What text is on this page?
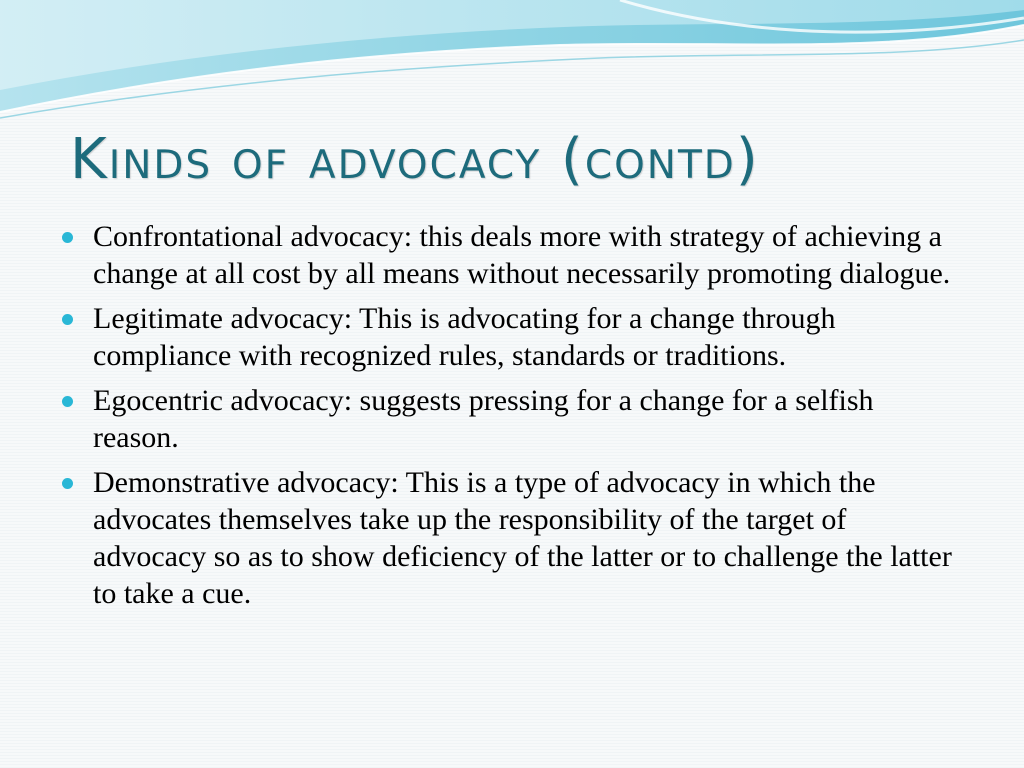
Kinds of advocacy (contd)
Confrontational advocacy: this deals more with strategy of achieving a change at all cost by all means without necessarily promoting dialogue.
Legitimate advocacy: This is advocating for a change through compliance with recognized rules, standards or traditions.
Egocentric advocacy: suggests pressing for a change for a selfish reason.
Demonstrative advocacy: This is a type of advocacy in which the advocates themselves take up the responsibility of the target of advocacy so as to show deficiency of the latter or to challenge the latter to take a cue.
